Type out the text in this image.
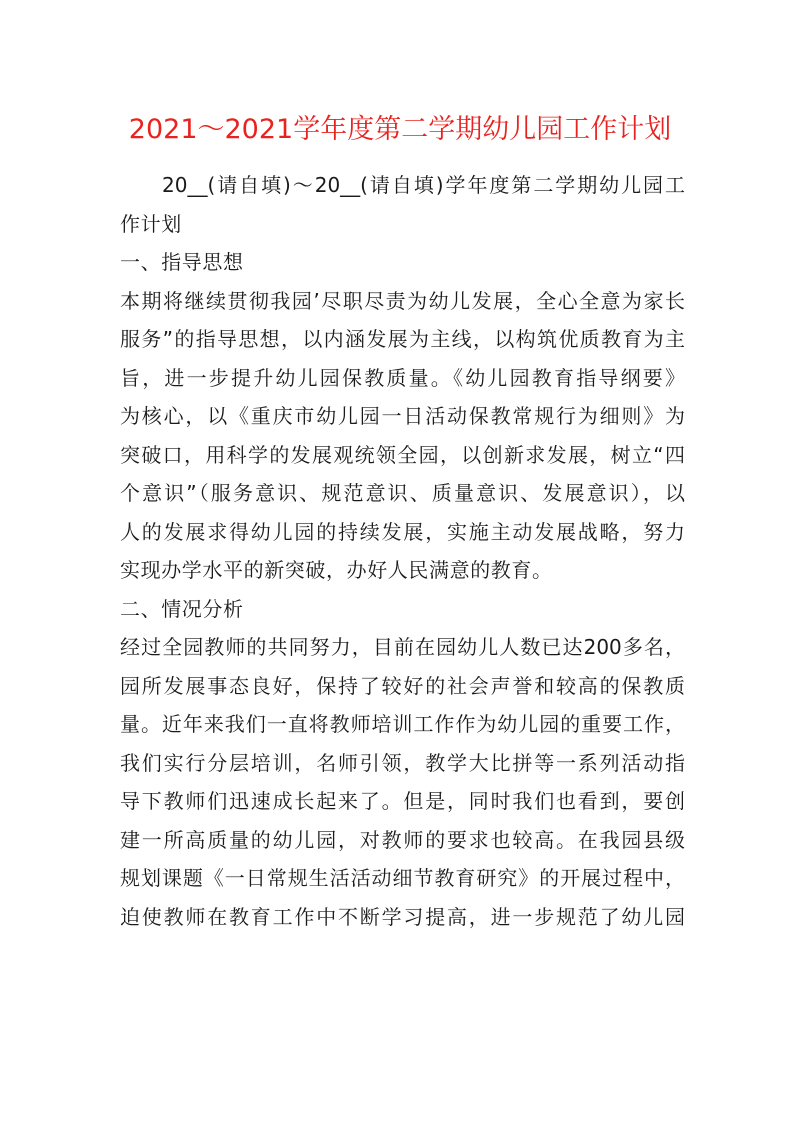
2021～2021学年度第二学期幼儿园工作计划
20__(请自填)～20__(请自填)学年度第二学期幼儿园工
作计划
一、指导思想
本期将继续贯彻我园’尽职尽责为幼儿发展，全心全意为家长
服务”的指导思想，以内涵发展为主线，以构筑优质教育为主
旨，进一步提升幼儿园保教质量。《幼儿园教育指导纲要》
为核心，以《重庆市幼儿园一日活动保教常规行为细则》为
突破口，用科学的发展观统领全园，以创新求发展，树立“四
个意识”（服务意识、规范意识、质量意识、发展意识），以
人的发展求得幼儿园的持续发展，实施主动发展战略，努力
实现办学水平的新突破，办好人民满意的教育。
二、情况分析
经过全园教师的共同努力，目前在园幼儿人数已达200多名，
园所发展事态良好，保持了较好的社会声誉和较高的保教质
量。近年来我们一直将教师培训工作作为幼儿园的重要工作，
我们实行分层培训，名师引领，教学大比拼等一系列活动指
导下教师们迅速成长起来了。但是，同时我们也看到，要创
建一所高质量的幼儿园，对教师的要求也较高。在我园县级
规划课题《一日常规生活活动细节教育研究》的开展过程中，
迫使教师在教育工作中不断学习提高，进一步规范了幼儿园
